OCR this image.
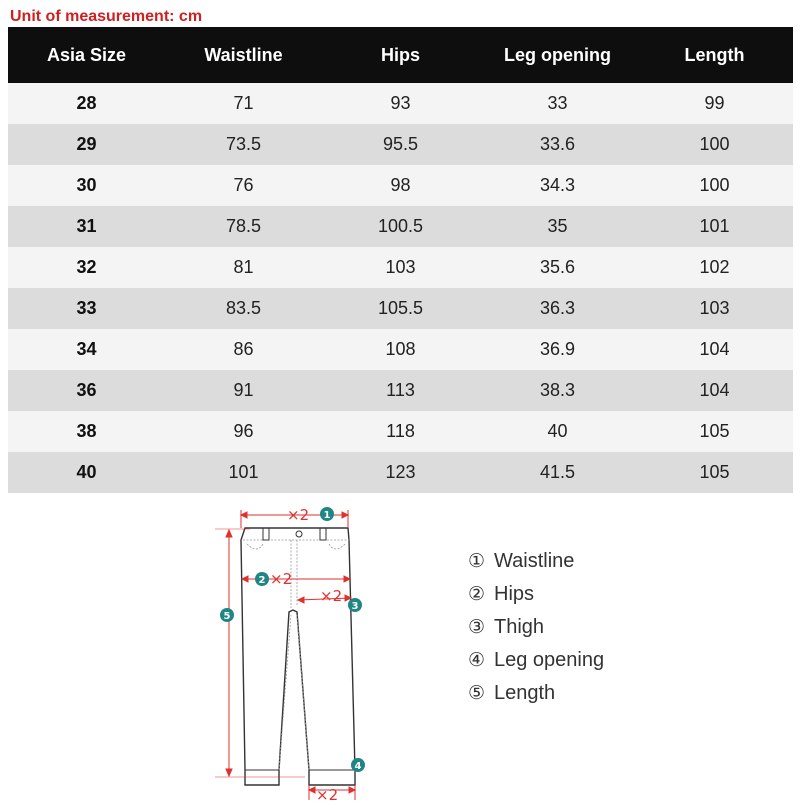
Unit of measurement: cm
Asia Size	Waistline	Hips	Leg opening	Length
28	71	93	33	99
29	73.5	95.5	33.6	100
30	76	98	34.3	100
31	78.5	100.5	35	101
32	81	103	35.6	102
33	83.5	105.5	36.3	103
34	86	108	36.9	104
36	91	113	38.3	104
38	96	118	40	105
40	101	123	41.5	105
×2
×2
×2
×2
1
2
3
4
5
① Waistline
② Hips
③ Thigh
④ Leg opening
⑤ Length
